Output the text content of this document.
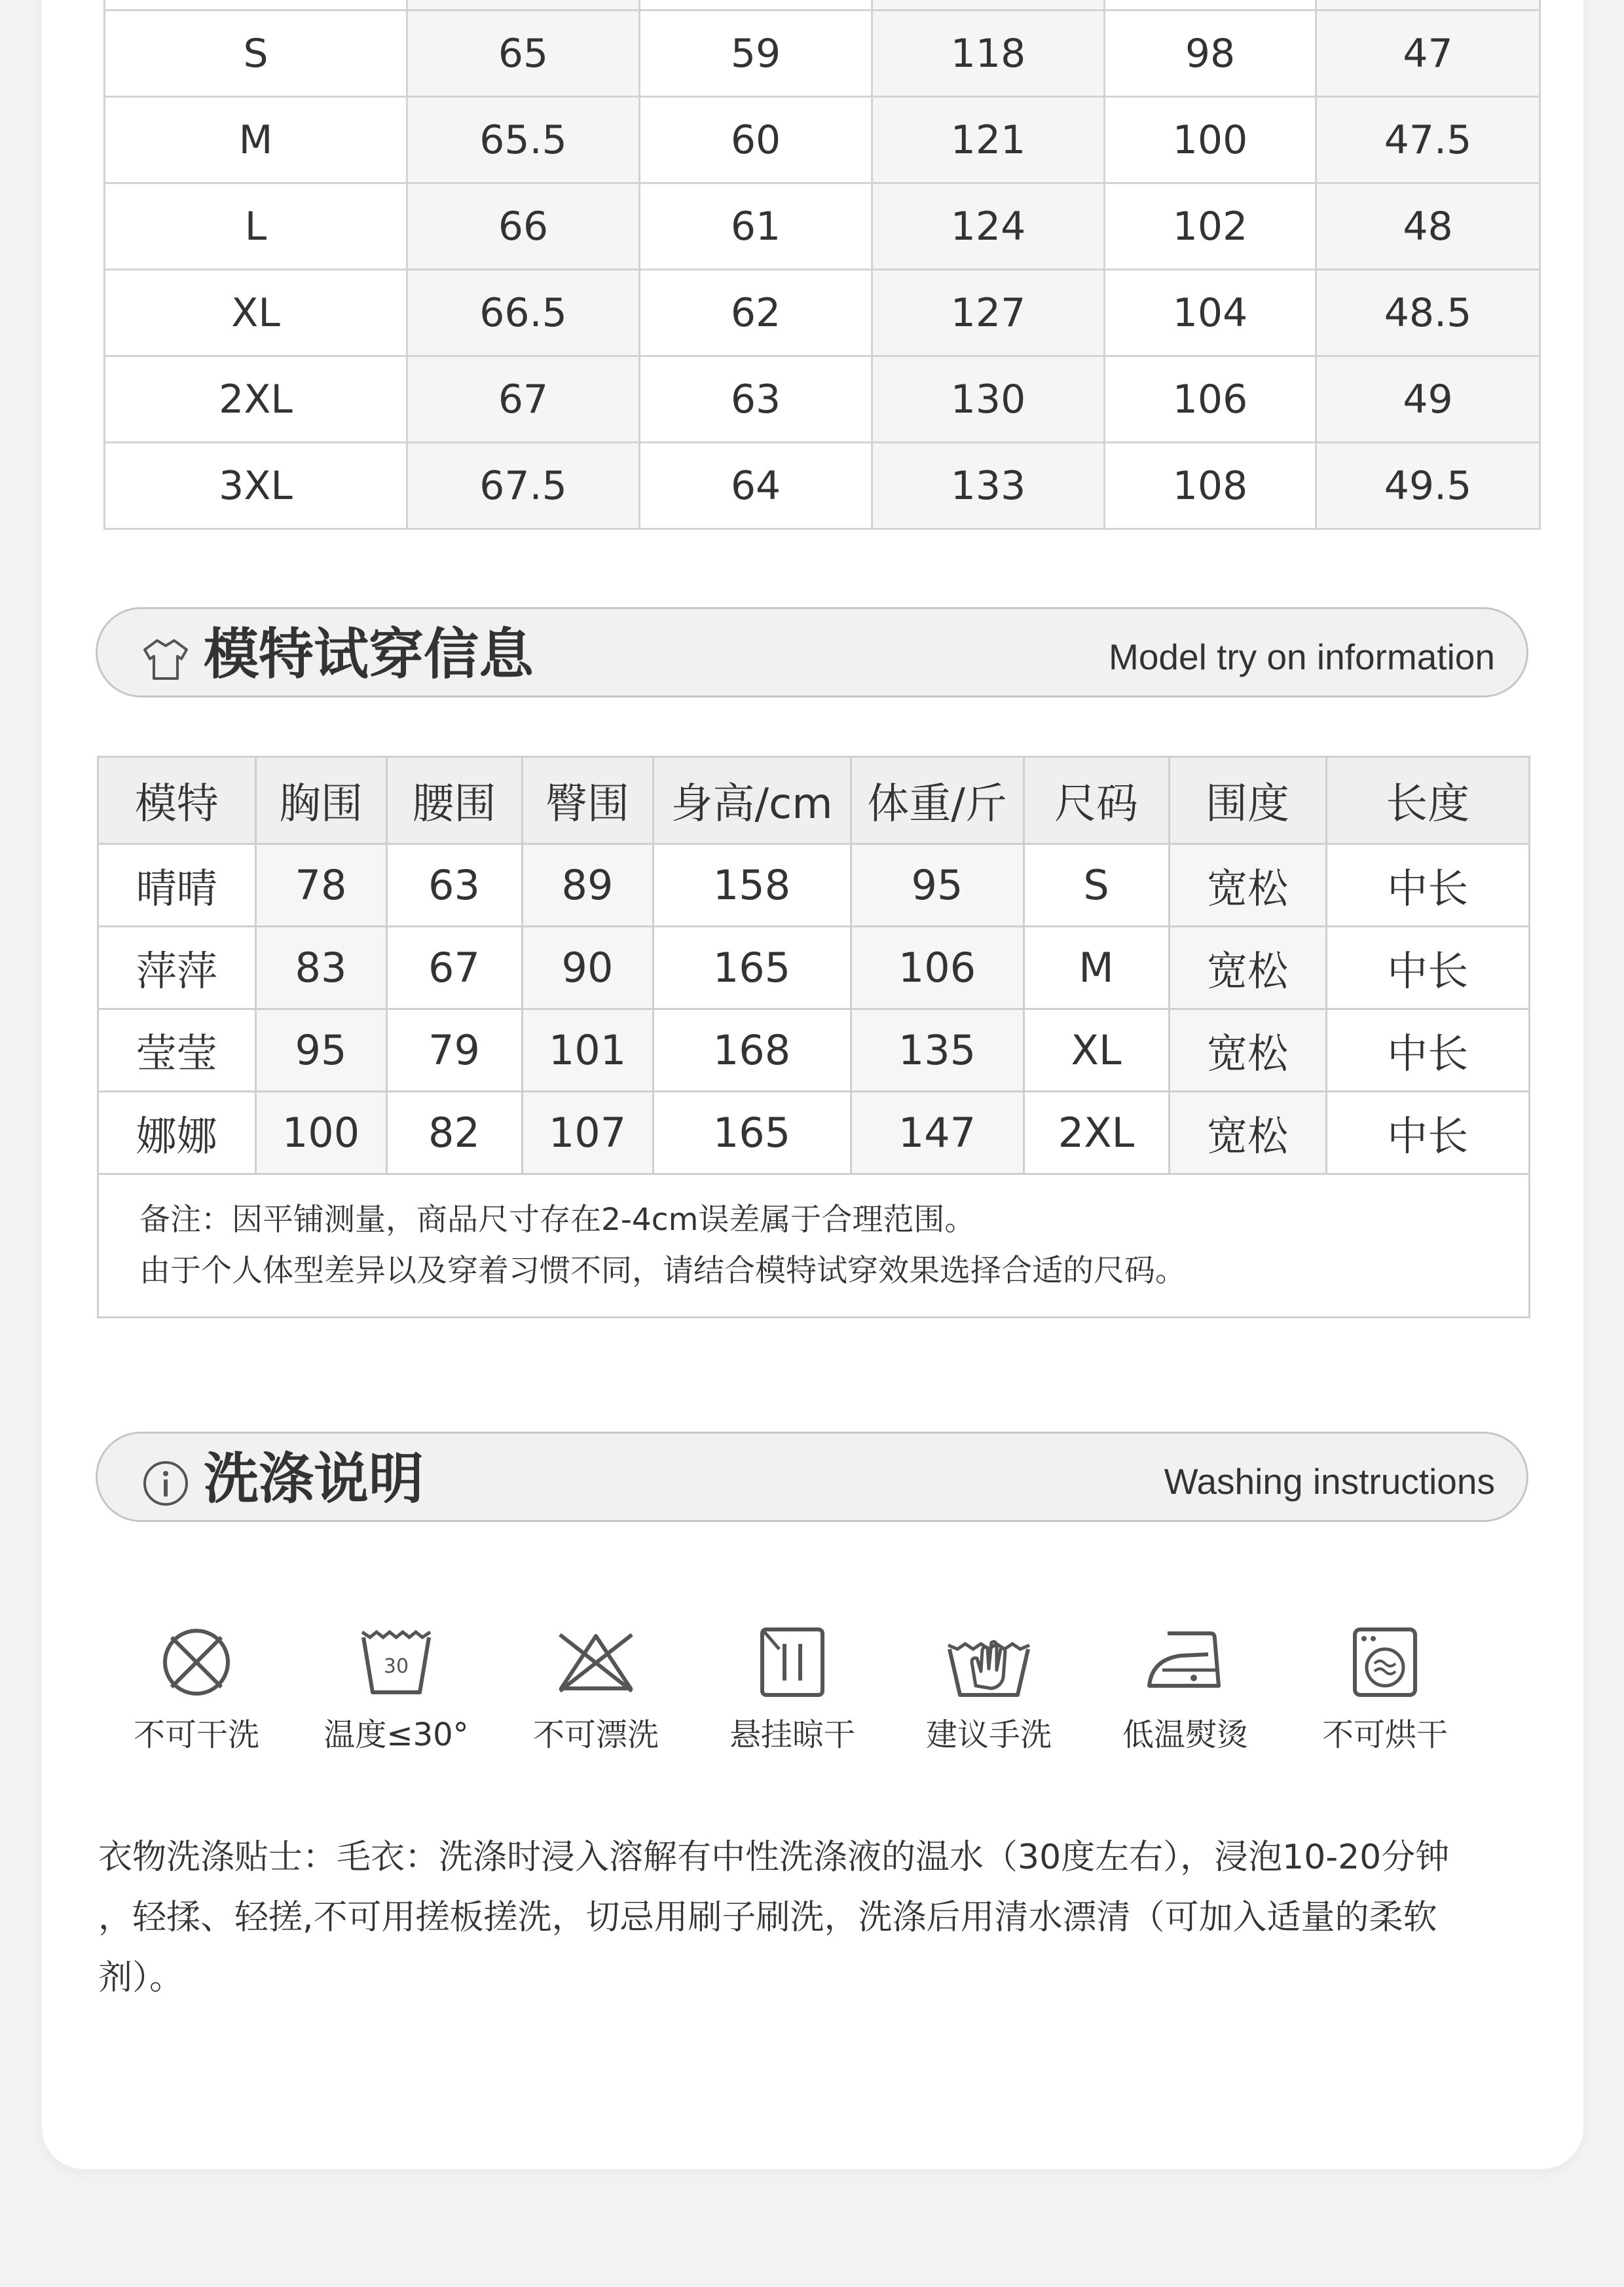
S	65	59	118	98	47
M	65.5	60	121	100	47.5
L	66	61	124	102	48
XL	66.5	62	127	104	48.5
2XL	67	63	130	106	49
3XL	67.5	64	133	108	49.5
模特试穿信息	Model try on information
模特	胸围	腰围	臀围	身高/cm	体重/斤	尺码	围度	长度
晴晴	78	63	89	158	95	S	宽松	中长
萍萍	83	67	90	165	106	M	宽松	中长
莹莹	95	79	101	168	135	XL	宽松	中长
娜娜	100	82	107	165	147	2XL	宽松	中长
备注：因平铺测量，商品尺寸存在2-4cm误差属于合理范围。
由于个人体型差异以及穿着习惯不同，请结合模特试穿效果选择合适的尺码。
洗涤说明	Washing instructions
不可干洗
30
温度≤30°	不可漂洗	悬挂晾干	建议手洗	低温熨烫	不可烘干
衣物洗涤贴士：毛衣：洗涤时浸入溶解有中性洗涤液的温水（30度左右），浸泡10-20分钟
，轻揉、轻搓,不可用搓板搓洗，切忌用刷子刷洗，洗涤后用清水漂清（可加入适量的柔软
剂）。
